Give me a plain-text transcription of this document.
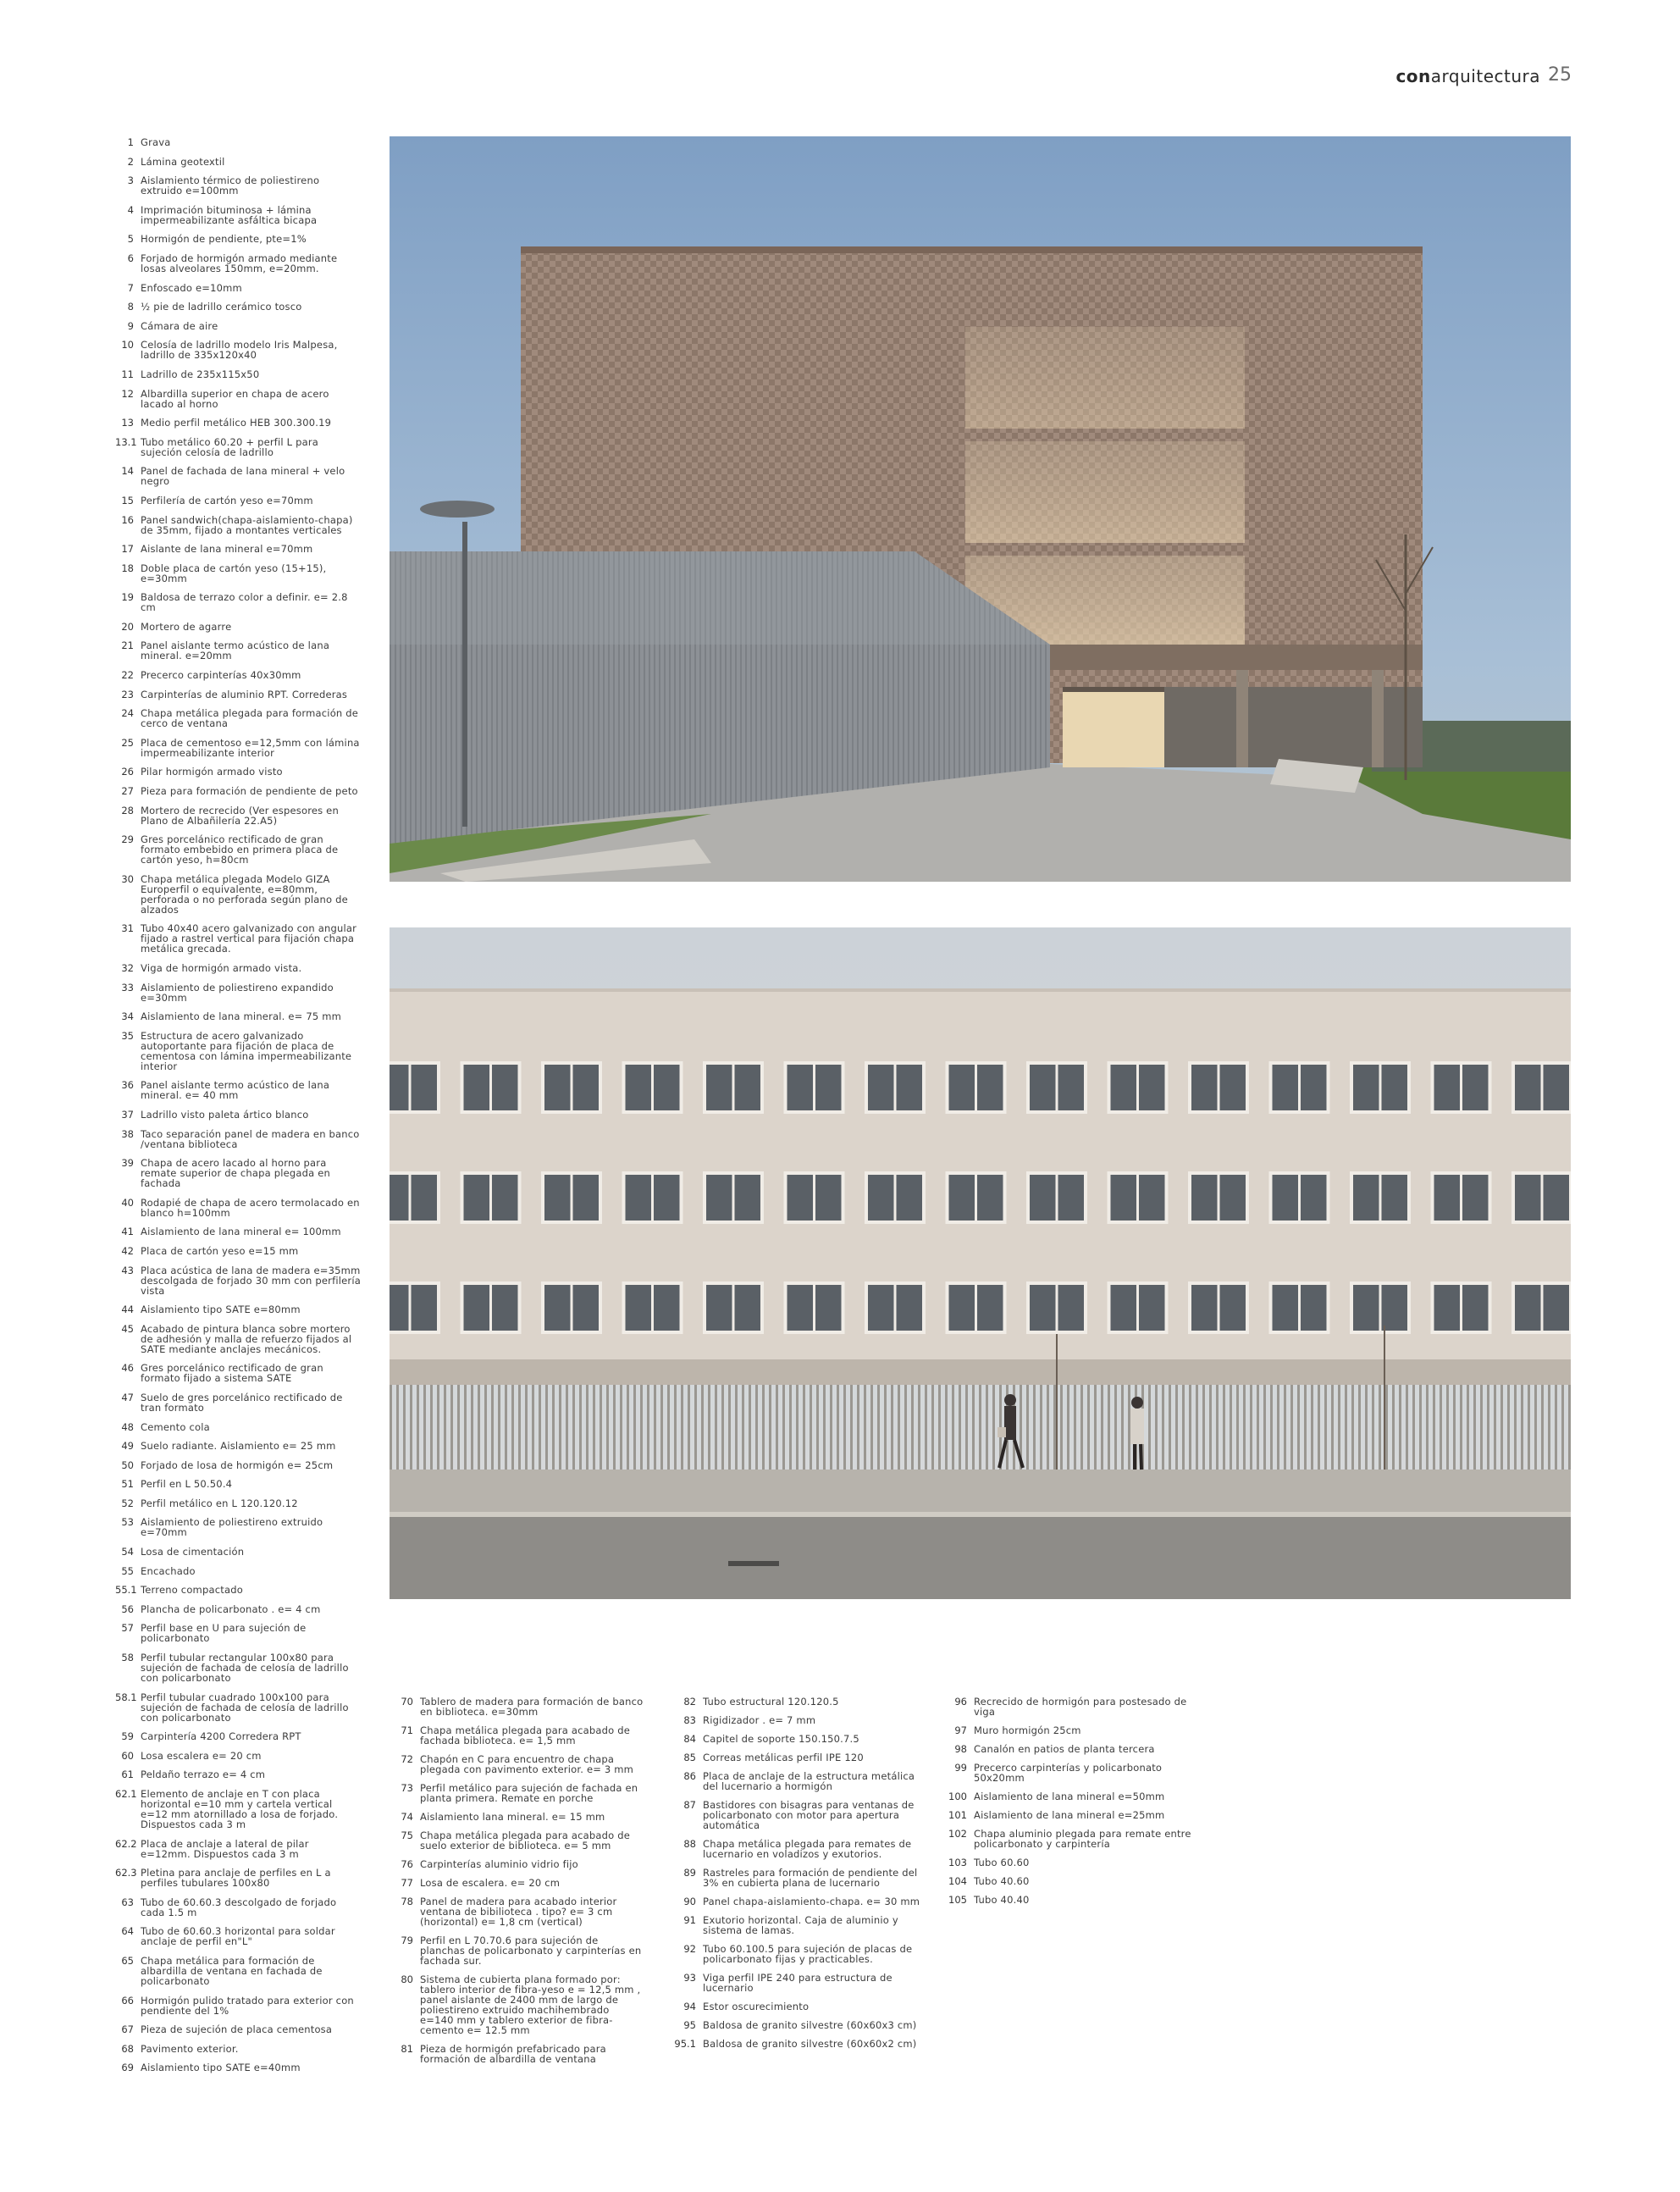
conarquitectura 25
1 Grava
2 Lámina geotextil
3 Aislamiento térmico de poliestireno extruido e=100mm
4 Imprimación bituminosa + lámina impermeabilizante asfáltica bicapa
5 Hormigón de pendiente, pte=1%
6 Forjado de hormigón armado mediante losas alveolares 150mm, e=20mm.
7 Enfoscado e=10mm
8 ½ pie de ladrillo cerámico tosco
9 Cámara de aire
10 Celosía de ladrillo modelo Iris Malpesa, ladrillo de 335x120x40
11 Ladrillo de 235x115x50
12 Albardilla superior en chapa de acero lacado al horno
13 Medio perfil metálico HEB 300.300.19
13.1 Tubo metálico 60.20 + perfil L para sujeción celosía de ladrillo
14 Panel de fachada de lana mineral + velo negro
15 Perfilería de cartón yeso e=70mm
16 Panel sandwich(chapa-aislamiento-chapa) de 35mm, fijado a montantes verticales
17 Aislante de lana mineral e=70mm
18 Doble placa de cartón yeso (15+15), e=30mm
19 Baldosa de terrazo color a definir. e= 2.8 cm
20 Mortero de agarre
21 Panel aislante termo acústico de lana mineral. e=20mm
22 Precerco carpinterías 40x30mm
23 Carpinterías de aluminio RPT. Correderas
24 Chapa metálica plegada para formación de cerco de ventana
25 Placa de cementoso e=12,5mm con lámina impermeabilizante interior
26 Pilar hormigón armado visto
27 Pieza para formación de pendiente de peto
28 Mortero de recrecido (Ver espesores en Plano de Albañilería 22.A5)
29 Gres porcelánico rectificado de gran formato embebido en primera placa de cartón yeso, h=80cm
30 Chapa metálica plegada Modelo GIZA Europerfil o equivalente, e=80mm, perforada o no perforada según plano de alzados
31 Tubo 40x40 acero galvanizado con angular fijado a rastrel vertical para fijación chapa metálica grecada.
32 Viga de hormigón armado vista.
33 Aislamiento de poliestireno expandido e=30mm
34 Aislamiento de lana mineral. e= 75 mm
35 Estructura de acero galvanizado autoportante para fijación de placa de cementosa con lámina impermeabilizante interior
36 Panel aislante termo acústico de lana mineral. e= 40 mm
37 Ladrillo visto paleta ártico blanco
38 Taco separación panel de madera en banco /ventana biblioteca
39 Chapa de acero lacado al horno para remate superior de chapa plegada en fachada
40 Rodapié de chapa de acero termolacado en blanco h=100mm
41 Aislamiento de lana mineral e= 100mm
42 Placa de cartón yeso e=15 mm
43 Placa acústica de lana de madera e=35mm descolgada de forjado 30 mm con perfilería vista
44 Aislamiento tipo SATE e=80mm
45 Acabado de pintura blanca sobre mortero de adhesión y malla de refuerzo fijados al SATE mediante anclajes mecánicos.
46 Gres porcelánico rectificado de gran formato fijado a sistema SATE
47 Suelo de gres porcelánico rectificado de tran formato
48 Cemento cola
49 Suelo radiante. Aislamiento e= 25 mm
50 Forjado de losa de hormigón e= 25cm
51 Perfil en L 50.50.4
52 Perfil metálico en L 120.120.12
53 Aislamiento de poliestireno extruido e=70mm
54 Losa de cimentación
55 Encachado
55.1 Terreno compactado
56 Plancha de policarbonato . e= 4 cm
57 Perfil base en U para sujeción de policarbonato
58 Perfil tubular rectangular 100x80 para sujeción de fachada de celosía de ladrillo con policarbonato
58.1 Perfil tubular cuadrado 100x100 para sujeción de fachada de celosía de ladrillo con policarbonato
59 Carpintería 4200 Corredera RPT
60 Losa escalera e= 20 cm
61 Peldaño terrazo e= 4 cm
62.1 Elemento de anclaje en T con placa horizontal e=10 mm y cartela vertical e=12 mm atornillado a losa de forjado. Dispuestos cada 3 m
62.2 Placa de anclaje a lateral de pilar e=12mm. Dispuestos cada 3 m
62.3 Pletina para anclaje de perfiles en L a perfiles tubulares 100x80
63 Tubo de 60.60.3 descolgado de forjado cada 1.5 m
64 Tubo de 60.60.3 horizontal para soldar anclaje de perfil en"L"
65 Chapa metálica para formación de albardilla de ventana en fachada de policarbonato
66 Hormigón pulido tratado para exterior con pendiente del 1%
67 Pieza de sujeción de placa cementosa
68 Pavimento exterior.
69 Aislamiento tipo SATE e=40mm
70 Tablero de madera para formación de banco en biblioteca. e=30mm
71 Chapa metálica plegada para acabado de fachada biblioteca. e= 1,5 mm
72 Chapón en C para encuentro de chapa plegada con pavimento exterior. e= 3 mm
73 Perfil metálico para sujeción de fachada en planta primera. Remate en porche
74 Aislamiento lana mineral. e= 15 mm
75 Chapa metálica plegada para acabado de suelo exterior de biblioteca. e= 5 mm
76 Carpinterías aluminio vidrio fijo
77 Losa de escalera. e= 20 cm
78 Panel de madera para acabado interior ventana de bibilioteca . tipo? e= 3 cm (horizontal) e= 1,8 cm (vertical)
79 Perfil en L 70.70.6 para sujeción de planchas de policarbonato y carpinterías en fachada sur.
80 Sistema de cubierta plana formado por: tablero interior de fibra-yeso e = 12,5 mm , panel aislante de 2400 mm de largo de poliestireno extruido machihembrado e=140 mm y tablero exterior de fibra-cemento e= 12.5 mm
81 Pieza de hormigón prefabricado para formación de albardilla de ventana
82 Tubo estructural 120.120.5
83 Rigidizador . e= 7 mm
84 Capitel de soporte 150.150.7.5
85 Correas metálicas perfil IPE 120
86 Placa de anclaje de la estructura metálica del lucernario a hormigón
87 Bastidores con bisagras para ventanas de policarbonato con motor para apertura automática
88 Chapa metálica plegada para remates de lucernario en voladizos y exutorios.
89 Rastreles para formación de pendiente del 3% en cubierta plana de lucernario
90 Panel chapa-aislamiento-chapa. e= 30 mm
91 Exutorio horizontal. Caja de aluminio y sistema de lamas.
92 Tubo 60.100.5 para sujeción de placas de policarbonato fijas y practicables.
93 Viga perfil IPE 240 para estructura de lucernario
94 Estor oscurecimiento
95 Baldosa de granito silvestre (60x60x3 cm)
95.1 Baldosa de granito silvestre (60x60x2 cm)
96 Recrecido de hormigón para postesado de viga
97 Muro hormigón 25cm
98 Canalón en patios de planta tercera
99 Precerco carpinterías y policarbonato 50x20mm
100 Aislamiento de lana mineral e=50mm
101 Aislamiento de lana mineral e=25mm
102 Chapa aluminio plegada para remate entre policarbonato y carpintería
103 Tubo 60.60
104 Tubo 40.60
105 Tubo 40.40
